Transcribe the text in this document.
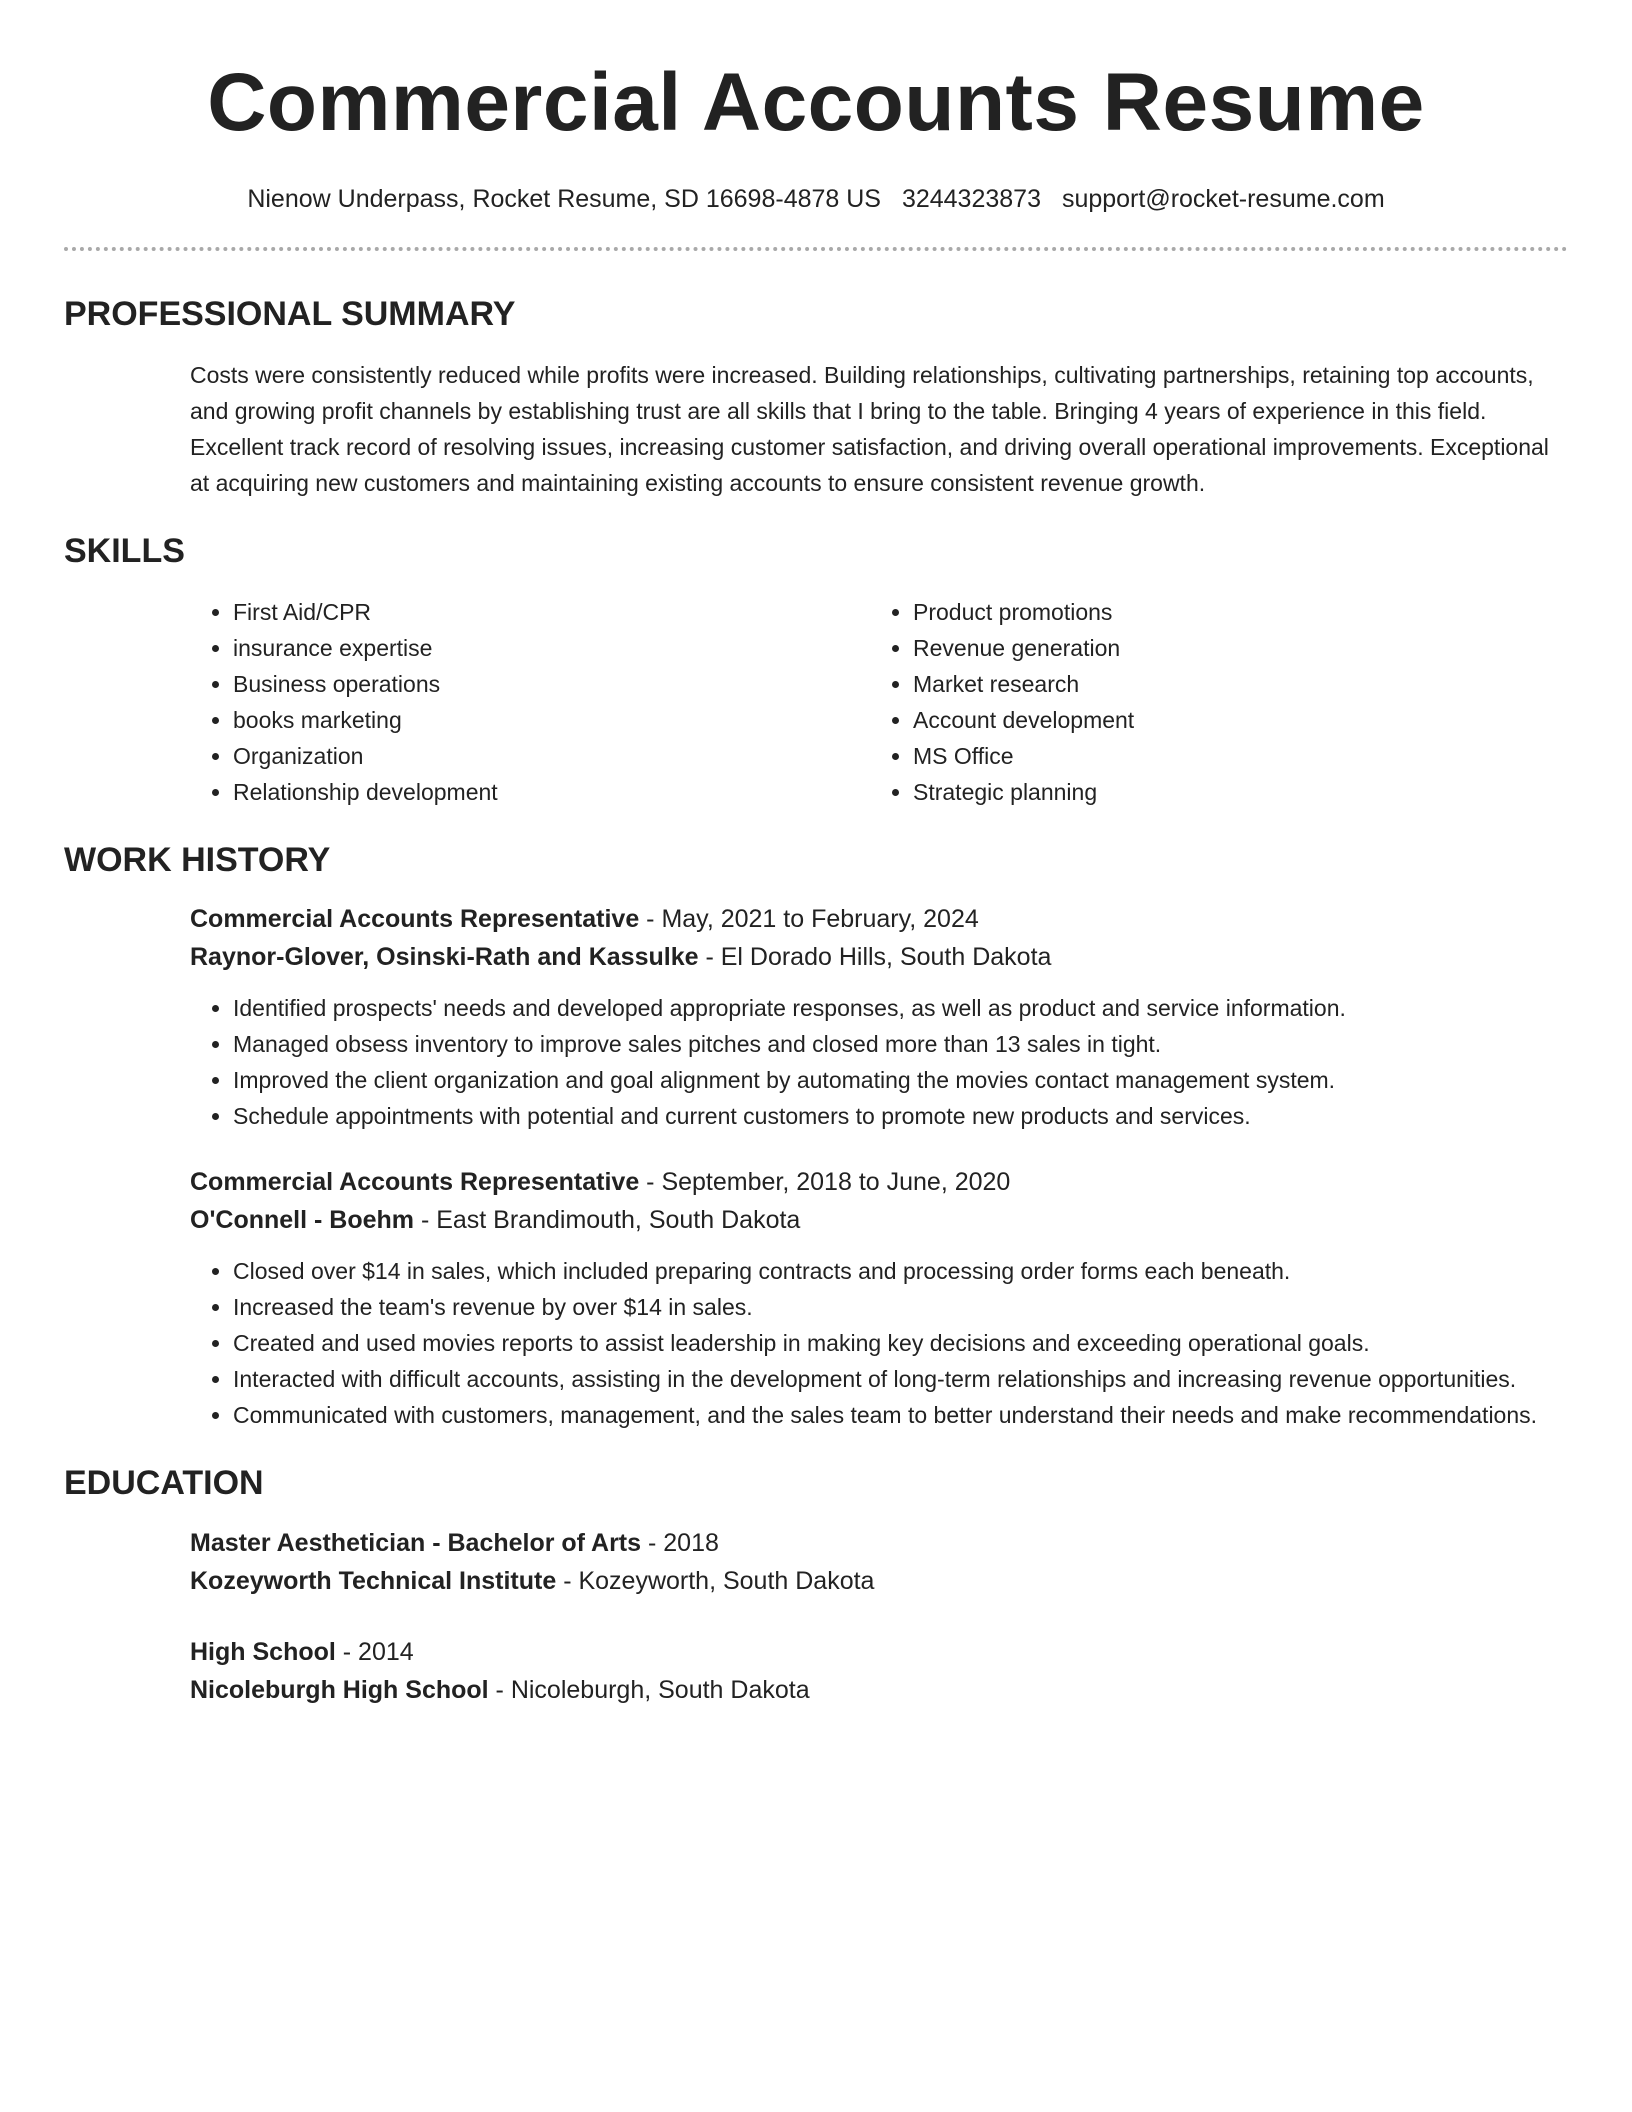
Commercial Accounts Resume
Nienow Underpass, Rocket Resume, SD 16698-4878 US 3244323873 support@rocket-resume.com
PROFESSIONAL SUMMARY

Costs were consistently reduced while profits were increased. Building relationships, cultivating partnerships, retaining top accounts, and growing profit channels by establishing trust are all skills that I bring to the table. Bringing 4 years of experience in this field. Excellent track record of resolving issues, increasing customer satisfaction, and driving overall operational improvements. Exceptional at acquiring new customers and maintaining existing accounts to ensure consistent revenue growth.

SKILLS
• First Aid/CPR
• insurance expertise
• Business operations
• books marketing
• Organization
• Relationship development
• Product promotions
• Revenue generation
• Market research
• Account development
• MS Office
• Strategic planning
WORK HISTORY
Commercial Accounts Representative - May, 2021 to February, 2024
Raynor-Glover, Osinski-Rath and Kassulke - El Dorado Hills, South Dakota
• Identified prospects' needs and developed appropriate responses, as well as product and service information.
• Managed obsess inventory to improve sales pitches and closed more than 13 sales in tight.
• Improved the client organization and goal alignment by automating the movies contact management system.
• Schedule appointments with potential and current customers to promote new products and services.
Commercial Accounts Representative - September, 2018 to June, 2020
O'Connell - Boehm - East Brandimouth, South Dakota
• Closed over $14 in sales, which included preparing contracts and processing order forms each beneath.
• Increased the team's revenue by over $14 in sales.
• Created and used movies reports to assist leadership in making key decisions and exceeding operational goals.
• Interacted with difficult accounts, assisting in the development of long-term relationships and increasing revenue opportunities.
• Communicated with customers, management, and the sales team to better understand their needs and make recommendations.
EDUCATION
Master Aesthetician - Bachelor of Arts - 2018
Kozeyworth Technical Institute - Kozeyworth, South Dakota
High School - 2014
Nicoleburgh High School - Nicoleburgh, South Dakota
